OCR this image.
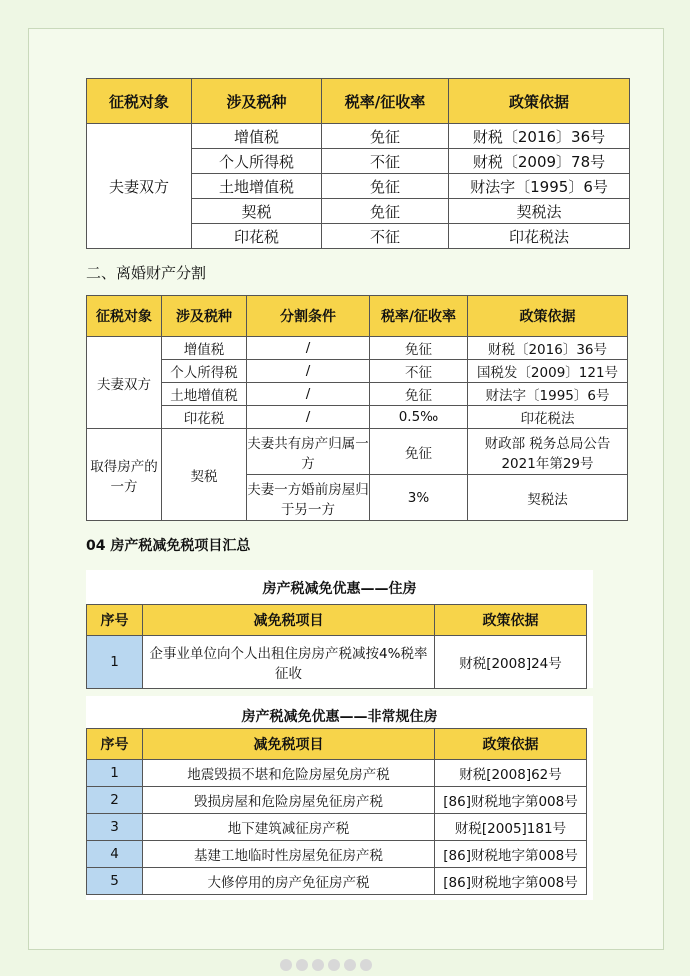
征税对象	涉及税种	税率/征收率	政策依据
夫妻双方	增值税	免征	财税〔2016〕36号
	个人所得税	不征	财税〔2009〕78号
	土地增值税	免征	财法字〔1995〕6号
	契税	免征	契税法
	印花税	不征	印花税法
二、离婚财产分割
征税对象	涉及税种	分割条件	税率/征收率	政策依据
夫妻双方	增值税	/	免征	财税〔2016〕36号
	个人所得税	/	不征	国税发〔2009〕121号
	土地增值税	/	免征	财法字〔1995〕6号
	印花税	/	0.5‰	印花税法
取得房产的一方	契税	夫妻共有房产归属一方	免征	财政部 税务总局公告2021年第29号
		夫妻一方婚前房屋归于另一方	3%	契税法
04 房产税减免税项目汇总
房产税减免优惠——住房
序号	减免税项目	政策依据
1	企事业单位向个人出租住房房产税减按4%税率征收	财税[2008]24号
房产税减免优惠——非常规住房
序号	减免税项目	政策依据
1	地震毁损不堪和危险房屋免房产税	财税[2008]62号
2	毁损房屋和危险房屋免征房产税	[86]财税地字第008号
3	地下建筑减征房产税	财税[2005]181号
4	基建工地临时性房屋免征房产税	[86]财税地字第008号
5	大修停用的房产免征房产税	[86]财税地字第008号
